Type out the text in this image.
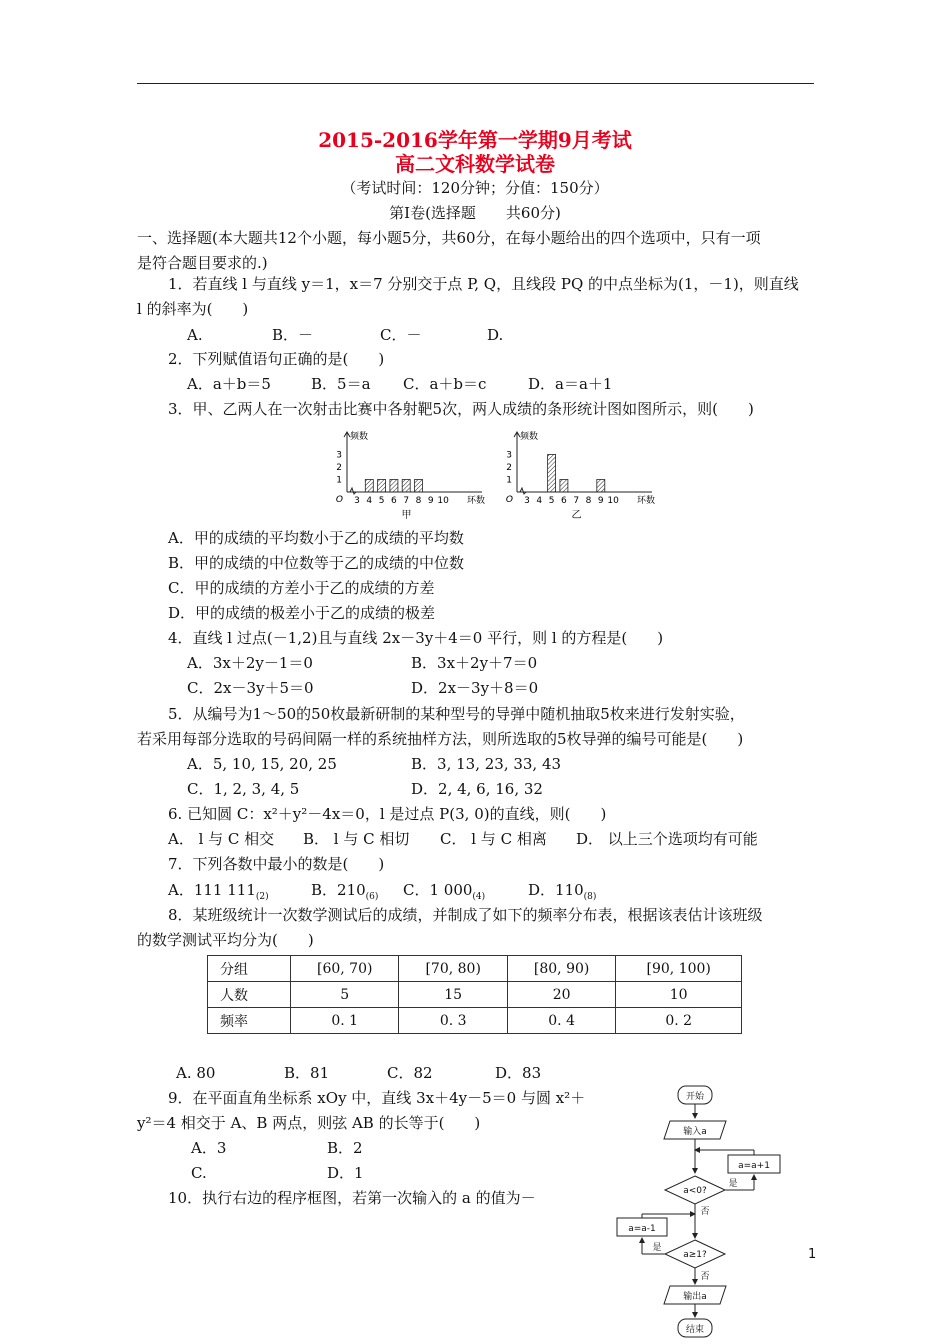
2015-2016学年第一学期9月考试
高二文科数学试卷
（考试时间：120分钟；分值：150分）
第Ⅰ卷(选择题　　共60分)
一、选择题(本大题共12个小题，每小题5分，共60分，在每小题给出的四个选项中，只有一项
是符合题目要求的.)
1．若直线 l 与直线 y＝1，x＝7 分别交于点 P, Q，且线段 PQ 的中点坐标为(1，－1)，则直线
l 的斜率为(　　)
A.	B．－	C．－	D.
2．下列赋值语句正确的是(　　)
A．a＋b＝5	B．5＝a C．a＋b＝c	D．a＝a＋1
3．甲、乙两人在一次射击比赛中各射靶5次，两人成绩的条形统计图如图所示，则(　　)
频数
1
2
3
O 3 4 5 6 7 8 9 10 环数
甲
频数
1
2
3
O 3 4 5 6 7 8 9 10 环数
乙
A．甲的成绩的平均数小于乙的成绩的平均数
B．甲的成绩的中位数等于乙的成绩的中位数
C．甲的成绩的方差小于乙的成绩的方差
D．甲的成绩的极差小于乙的成绩的极差
4．直线 l 过点(－1,2)且与直线 2x－3y＋4＝0 平行，则 l 的方程是(　　)
A．3x＋2y－1＝0	B．3x＋2y＋7＝0
C．2x－3y＋5＝0	D．2x－3y＋8＝0
5．从编号为1～50的50枚最新研制的某种型号的导弹中随机抽取5枚来进行发射实验，
若采用每部分选取的号码间隔一样的系统抽样方法，则所选取的5枚导弹的编号可能是(　　)
A．5, 10, 15, 20, 25	B．3, 13, 23, 33, 43
C．1, 2, 3, 4, 5	D．2, 4, 6, 16, 32
6. 已知圆 C：x²＋y²－4x＝0，l 是过点 P(3, 0)的直线，则(　　)
A． l 与 C 相交 B． l 与 C 相切 C． l 与 C 相离 D． 以上三个选项均有可能
7．下列各数中最小的数是(　　)
A．111 $111_{(2)}$	B．$210_{(6)}$ C．1 $000_{(4)}$	D．$110_{(8)}$
8．某班级统计一次数学测试后的成绩，并制成了如下的频率分布表，根据该表估计该班级
的数学测试平均分为(　　)
分组	[60, 70)	[70, 80)	[80, 90)	[90, 100)
人数	5	15	20	10
频率	0. 1	0. 3	0. 4	0. 2
A. 80	B．81	C．82	D．83
9．在平面直角坐标系 xOy 中，直线 3x＋4y－5＝0 与圆 x²＋
y²＝4 相交于 A、B 两点，则弦 AB 的长等于(　　)
A．3	B．2
C.	D．1
10．执行右边的程序框图，若第一次输入的 a 的值为－
开始
输入a
a=a+1
a<0?
是
否
a=a-1
a≥1?
是
否
输出a
结束
1
